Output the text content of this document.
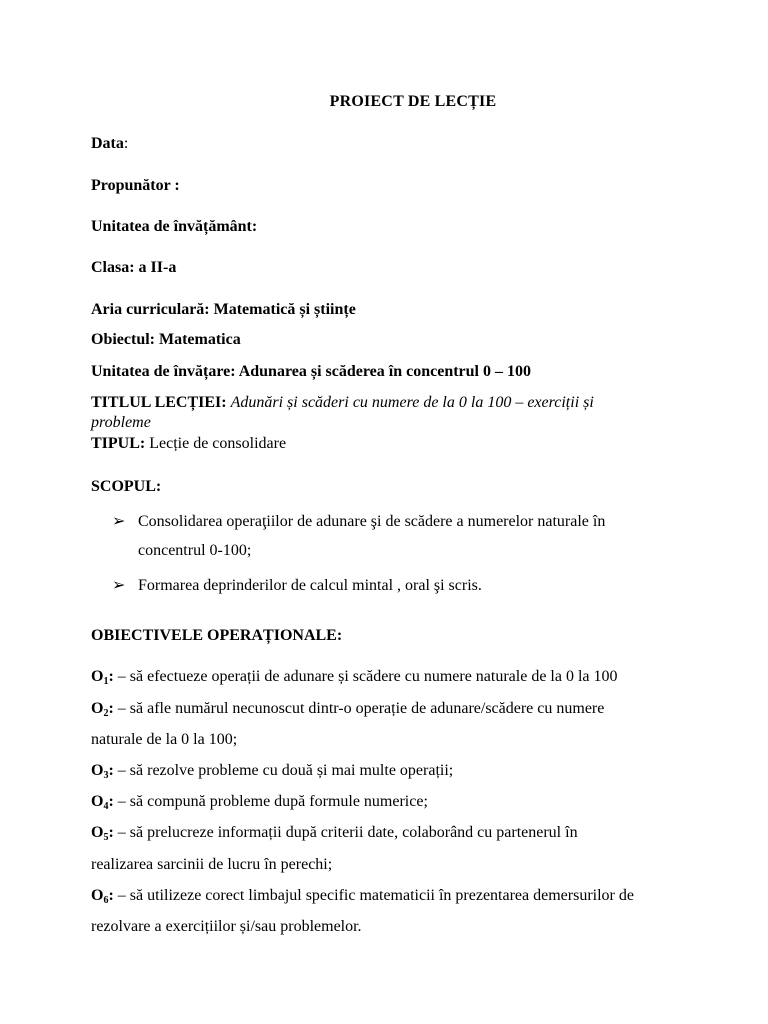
PROIECT DE LECȚIE
Data:
Propunător :
Unitatea de învățământ:
Clasa: a II-a
Aria curriculară: Matematică și științe
Obiectul: Matematica
Unitatea de învățare: Adunarea și scăderea în concentrul 0 – 100
TITLUL LECȚIEI: Adunări și scăderi cu numere de la 0 la 100 – exerciții și
probleme
TIPUL: Lecție de consolidare
SCOPUL:
➢ Consolidarea operaţiilor de adunare şi de scădere a numerelor naturale în
concentrul 0-100;
➢ Formarea deprinderilor de calcul mintal , oral şi scris.
OBIECTIVELE OPERAȚIONALE:
$O_1$: – să efectueze operații de adunare și scădere cu numere naturale de la 0 la 100
$O_2$: – să afle numărul necunoscut dintr-o operație de adunare/scădere cu numere
naturale de la 0 la 100;
$O_3$: – să rezolve probleme cu două și mai multe operații;
$O_4$: – să compună probleme după formule numerice;
$O_5$: – să prelucreze informații după criterii date, colaborând cu partenerul în
realizarea sarcinii de lucru în perechi;
$O_6$: – să utilizeze corect limbajul specific matematicii în prezentarea demersurilor de
rezolvare a exercițiilor și/sau problemelor.
